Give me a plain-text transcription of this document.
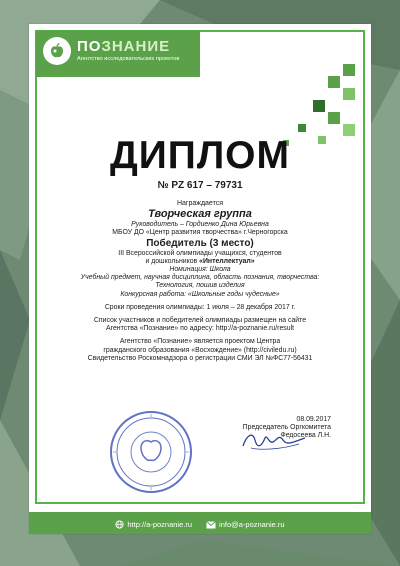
ПОЗНАНИЕ
Агентство исследовательских проектов
ДИПЛОМ
№ PZ 617 – 79731
Награждается
Творческая группа
Руководитель – Гордиенко Дина Юрьевна
МБОУ ДО «Центр развития творчества» г.Черногорска
Победитель (3 место)
III Всероссийской олимпиады учащихся, студентов
и дошкольников «Интеллектуал»
Номинация: Школа
Учебный предмет, научная дисциплина, область познания, творчества:
Технология, пошив изделия
Конкурсная работа: «Школьные годы чудесные»
Сроки проведения олимпиады: 1 июля – 28 декабря 2017 г.
Список участников и победителей олимпиады размещен на сайте
Агентства «Познание» по адресу: http://a-poznanie.ru/result
Агентство «Познание» является проектом Центра
гражданского образования «Восхождение» (http://civiledu.ru)
Свидетельство Роскомнадзора о регистрации СМИ ЭЛ №ФС77-56431
08.09.2017
Председатель Оргкомитета
Федосеева Л.Н.
http://a-poznanie.ru	info@a-poznanie.ru
